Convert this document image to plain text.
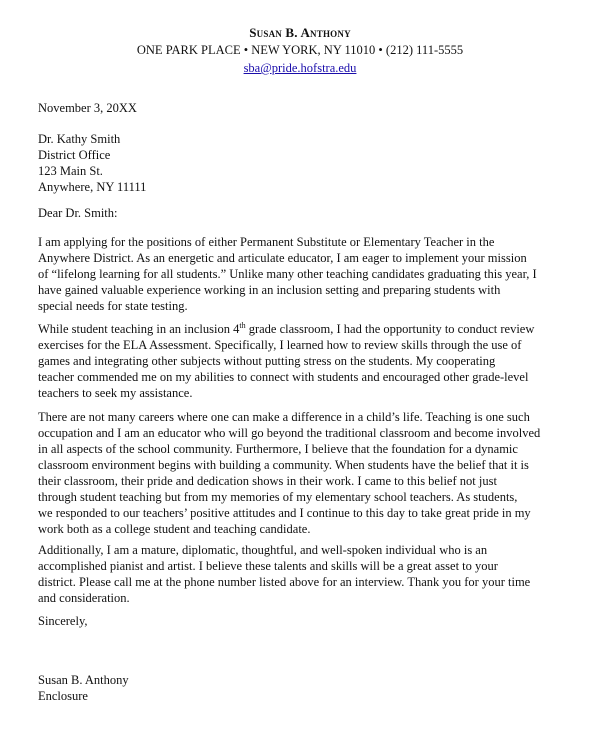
Susan B. Anthony
ONE PARK PLACE • NEW YORK, NY 11010 • (212) 111-5555
sba@pride.hofstra.edu
November 3, 20XX
Dr. Kathy Smith
District Office
123 Main St.
Anywhere, NY 11111
Dear Dr. Smith:
I am applying for the positions of either Permanent Substitute or Elementary Teacher in the
Anywhere District. As an energetic and articulate educator, I am eager to implement your mission
of “lifelong learning for all students.” Unlike many other teaching candidates graduating this year, I
have gained valuable experience working in an inclusion setting and preparing students with
special needs for state testing.
While student teaching in an inclusion 4th grade classroom, I had the opportunity to conduct review
exercises for the ELA Assessment. Specifically, I learned how to review skills through the use of
games and integrating other subjects without putting stress on the students. My cooperating
teacher commended me on my abilities to connect with students and encouraged other grade-level
teachers to seek my assistance.
There are not many careers where one can make a difference in a child’s life. Teaching is one such
occupation and I am an educator who will go beyond the traditional classroom and become involved
in all aspects of the school community. Furthermore, I believe that the foundation for a dynamic
classroom environment begins with building a community. When students have the belief that it is
their classroom, their pride and dedication shows in their work. I came to this belief not just
through student teaching but from my memories of my elementary school teachers. As students,
we responded to our teachers’ positive attitudes and I continue to this day to take great pride in my
work both as a college student and teaching candidate.
Additionally, I am a mature, diplomatic, thoughtful, and well-spoken individual who is an
accomplished pianist and artist. I believe these talents and skills will be a great asset to your
district. Please call me at the phone number listed above for an interview. Thank you for your time
and consideration.
Sincerely,
Susan B. Anthony
Enclosure
